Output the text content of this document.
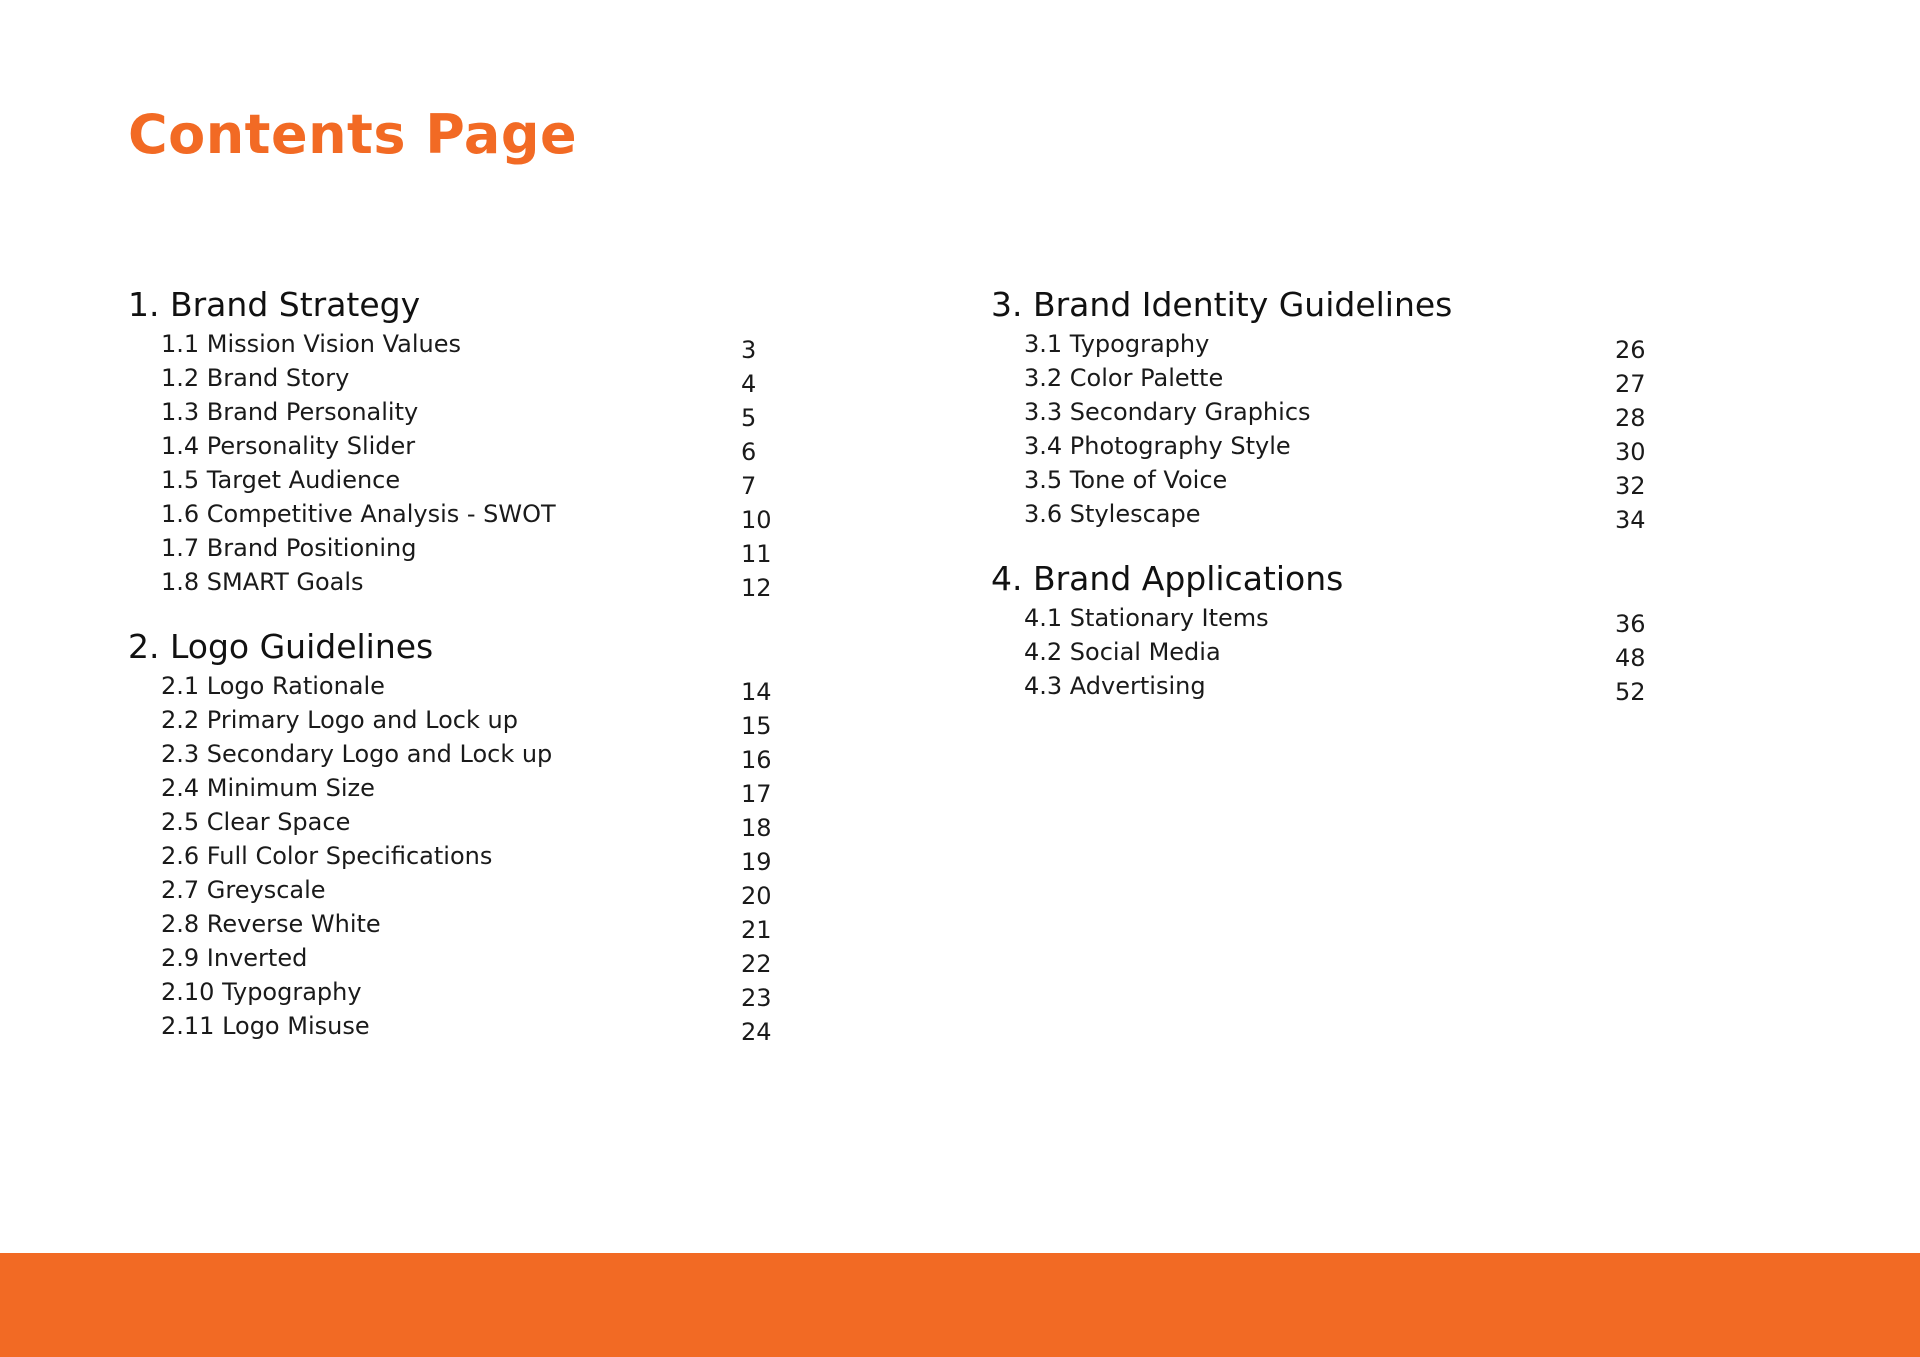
Contents Page
1. Brand Strategy
1.1 Mission Vision Values	3
1.2 Brand Story	4
1.3 Brand Personality	5
1.4 Personality Slider	6
1.5 Target Audience	7
1.6 Competitive Analysis - SWOT	10
1.7 Brand Positioning	11
1.8 SMART Goals	12
2. Logo Guidelines
2.1 Logo Rationale	14
2.2 Primary Logo and Lock up	15
2.3 Secondary Logo and Lock up	16
2.4 Minimum Size	17
2.5 Clear Space	18
2.6 Full Color Specifications	19
2.7 Greyscale	20
2.8 Reverse White	21
2.9 Inverted	22
2.10 Typography	23
2.11 Logo Misuse	24
3. Brand Identity Guidelines
3.1 Typography	26
3.2 Color Palette	27
3.3 Secondary Graphics	28
3.4 Photography Style	30
3.5 Tone of Voice	32
3.6 Stylescape	34
4. Brand Applications
4.1 Stationary Items	36
4.2 Social Media	48
4.3 Advertising	52
